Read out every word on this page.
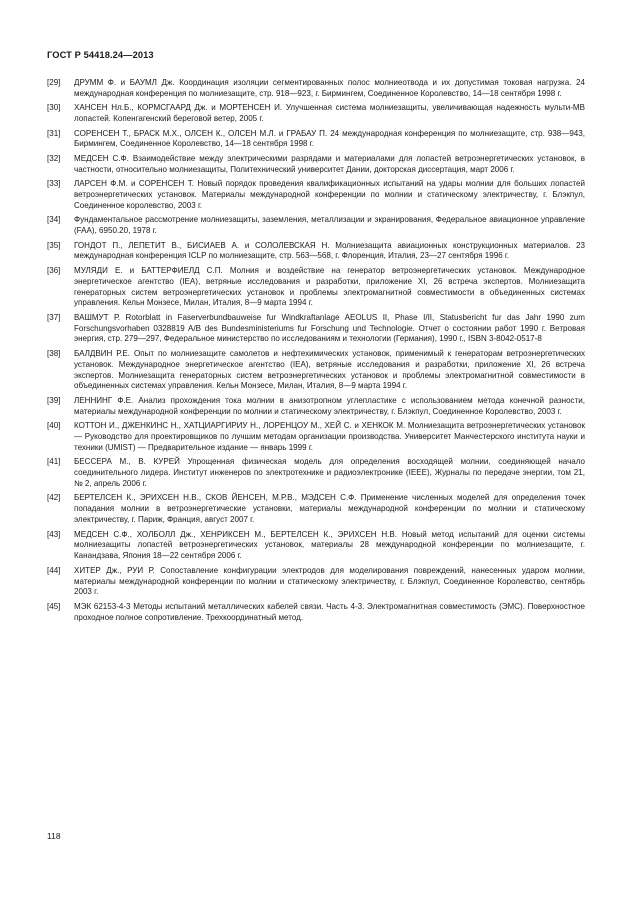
ГОСТ Р 54418.24—2013
[29] ДРУММ Ф. и БАУМЛ Дж. Координация изоляции сегментированных полос молниеотвода и их допустимая токовая нагрузка. 24 международная конференция по молниезащите, стр. 918—923, г. Бирмингем, Соединенное Королевство, 14—18 сентября 1998 г.
[30] ХАНСЕН Нл.Б., КОРМСГААРД Дж. и МОРТЕНСЕН И. Улучшенная система молниезащиты, увеличивающая надежность мульти-МВ лопастей. Копенгагенский береговой ветер, 2005 г.
[31] СОРЕНСЕН Т., БРАСК М.Х., ОЛСЕН К., ОЛСЕН М.Л. и ГРАБАУ П. 24 международная конференция по молниезащите, стр. 938—943, Бирмингем, Соединенное Королевство, 14—18 сентября 1998 г.
[32] МЕДСЕН С.Ф. Взаимодействие между электрическими разрядами и материалами для лопастей ветроэнергетических установок, в частности, относительно молниезащиты, Политехнический университет Дании, докторская диссертация, март 2006 г.
[33] ЛАРСЕН Ф.М. и СОРЕНСЕН Т. Новый порядок проведения квалификационных испытаний на удары молнии для больших лопастей ветроэнергетических установок. Материалы международной конференции по молнии и статическому электричеству, г. Блэкпул, Соединенное королевство, 2003 г.
[34] Фундаментальное рассмотрение молниезащиты, заземления, металлизации и экранирования, Федеральное авиационное управление (FAA), 6950.20, 1978 г.
[35] ГОНДОТ П., ЛЕПЕТИТ В., БИСИАЕВ А. и СОЛОЛЕВСКАЯ Н. Молниезащита авиационных конструкционных материалов. 23 международная конференция ICLP по молниезащите, стр. 563—568, г. Флоренция, Италия, 23—27 сентября 1996 г.
[36] МУЛЯДИ Е. и БАТТЕРФИЕЛД С.П. Молния и воздействие на генератор ветроэнергетических установок. Международное энергетическое агентство (IEA), ветряные исследования и разработки, приложение XI, 26 встреча экспертов. Молниезащита генераторных систем ветроэнергетических установок и проблемы электромагнитной совместимости в объединенных системах управления. Кельн Монзесе, Милан, Италия, 8—9 марта 1994 г.
[37] ВАШМУТ Р. Rotorblatt in Faserverbundbauweise fur Windkraftanlage AEOLUS II, Phase I/II, Statusbericht fur das Jahr 1990 zum Forschungsvorhaben 0328819 A/B des Bundesministeriums fur Forschung und Technologie. Отчет о состоянии работ 1990 г. Ветровая энергия, стр. 279—297, Федеральное министерство по исследованиям и технологии (Германия), 1990 г., ISBN 3-8042-0517-8
[38] БАЛДВИН Р.Е. Опыт по молниезащите самолетов и нефтехимических установок, применимый к генераторам ветроэнергетических установок. Международное энергетическое агентство (IEA), ветряные исследования и разработки, приложение XI, 26 встреча экспертов. Молниезащита генераторных систем ветроэнергетических установок и проблемы электромагнитной совместимости в объединенных системах управления. Кельн Монзесе, Милан, Италия, 8—9 марта 1994 г.
[39] ЛЕННИНГ Ф.Е. Анализ прохождения тока молнии в анизотропном углепластике с использованием метода конечной разности, материалы международной конференции по молнии и статическому электричеству, г. Блэкпул, Соединенное Королевство, 2003 г.
[40] КОТТОН И., ДЖЕНКИНС Н., ХАТЦИАРГИРИУ Н., ЛОРЕНЦОУ М., ХЕЙ С. и ХЕНКОК М. Молниезащита ветроэнергетических установок — Руководство для проектировщиков по лучшим методам организации производства. Университет Манчестерского института науки и техники (UMIST) — Предварительное издание — январь 1999 г.
[41] БЕССЕРА М., В. КУРЕЙ Упрощенная физическая модель для определения восходящей молнии, соединяющей начало соединительного лидера. Институт инженеров по электротехнике и радиоэлектронике (IEEE), Журналы по передаче энергии, том 21, № 2, апрель 2006 г.
[42] БЕРТЕЛСЕН К., ЭРИХСЕН Н.В., СКОВ ЙЕНСЕН, М.Р.В., МЭДСЕН С.Ф. Применение численных моделей для определения точек попадания молнии в ветроэнергетические установки, материалы международной конференции по молнии и статическому электричеству, г. Париж, Франция, август 2007 г.
[43] МЕДСЕН С.Ф., ХОЛБОЛЛ Дж., ХЕНРИКСЕН М., БЕРТЕЛСЕН К., ЭРИХСЕН Н.В. Новый метод испытаний для оценки системы молниезащиты лопастей ветроэнергетических установок, материалы 28 международной конференции по молниезащите, г. Канандзава, Япония 18—22 сентября 2006 г.
[44] ХИТЕР Дж., РУИ Р. Сопоставление конфигурации электродов для моделирования повреждений, нанесенных ударом молнии, материалы международной конференции по молнии и статическому электричеству, г. Блэкпул, Соединенное Королевство, сентябрь 2003 г.
[45] МЭК 62153-4-3 Методы испытаний металлических кабелей связи. Часть 4-3. Электромагнитная совместимость (ЭМС). Поверхностное проходное полное сопротивление. Трехкоординатный метод.
118
